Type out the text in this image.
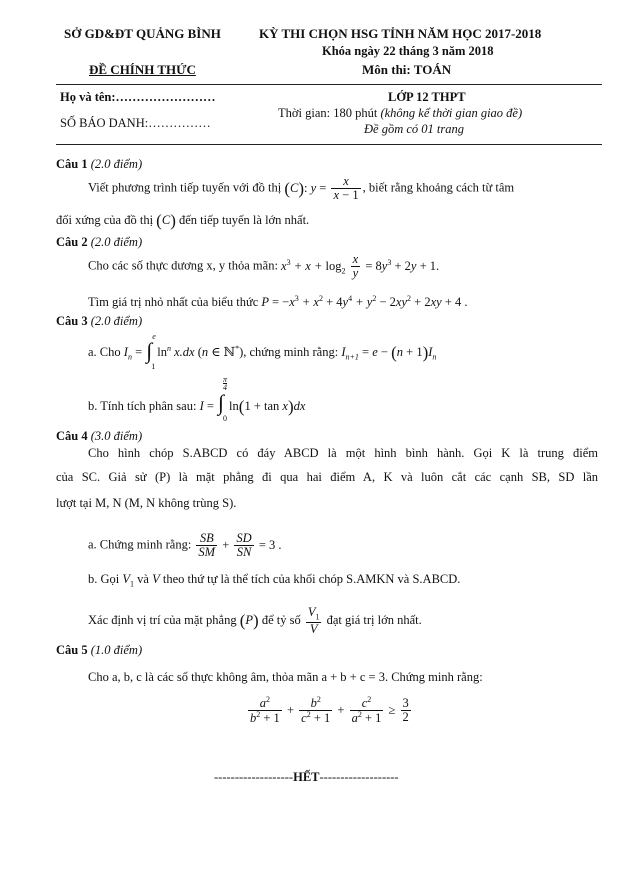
SỞ GD&ĐT QUẢNG BÌNH	KỲ THI CHỌN HSG TỈNH NĂM HỌC 2017-2018
Khóa ngày 22 tháng 3 năm 2018
ĐỀ CHÍNH THỨC	Môn thi: TOÁN
Họ và tên:……………………	LỚP 12 THPT
Thời gian: 180 phút (không kể thời gian giao đề)
SỐ BÁO DANH:……………	Đề gồm có 01 trang
Câu 1 (2.0 điểm)
Viết phương trình tiếp tuyến với đồ thị (C): $y = \frac{x}{x - 1}$ , biết rằng khoảng cách từ tâm
đối xứng của đồ thị (C) đến tiếp tuyến là lớn nhất.
Câu 2 (2.0 điểm)
Cho các số thực dương x, y thỏa mãn: $x^3 + x + \log_2 \frac{x}{y} = 8y^3 + 2y + 1$.
Tìm giá trị nhỏ nhất của biểu thức $P = -x^3 + x^2 + 4y^4 + y^2 - 2xy^2 + 2xy + 4$ .
Câu 3 (2.0 điểm)
a. Cho $I_n$ = ∫
e
1
$\ln^n x.dx$ (n ∈ ℕ*), chứng minh rằng: $I_{n+1} = e - (n + 1)I_n$
b. Tính tích phân sau: I = ∫
π
4
0
ln(1 + tan x)dx
Câu 4 (3.0 điểm)
Cho hình chóp S.ABCD có đáy ABCD là một hình bình hành. Gọi K là trung điểm
của SC. Giả sử (P) là mặt phẳng đi qua hai điểm A, K và luôn cắt các cạnh SB, SD lần
lượt tại M, N (M, N không trùng S).
a. Chứng minh rằng: $\frac{SB}{SM} + \frac{SD}{SN} = 3$ .
b. Gọi $V_1$ và V theo thứ tự là thể tích của khối chóp S.AMKN và S.ABCD.
Xác định vị trí của mặt phẳng (P) để tỷ số $\frac{V_1}{V}$ đạt giá trị lớn nhất.
Câu 5 (1.0 điểm)
Cho a, b, c là các số thực không âm, thỏa mãn a + b + c = 3. Chứng minh rằng:
$\frac{a^2}{b^2 + 1} + \frac{b^2}{c^2 + 1} + \frac{c^2}{a^2 + 1} \ge \frac{3}{2}$
-------------------HẾT-------------------
